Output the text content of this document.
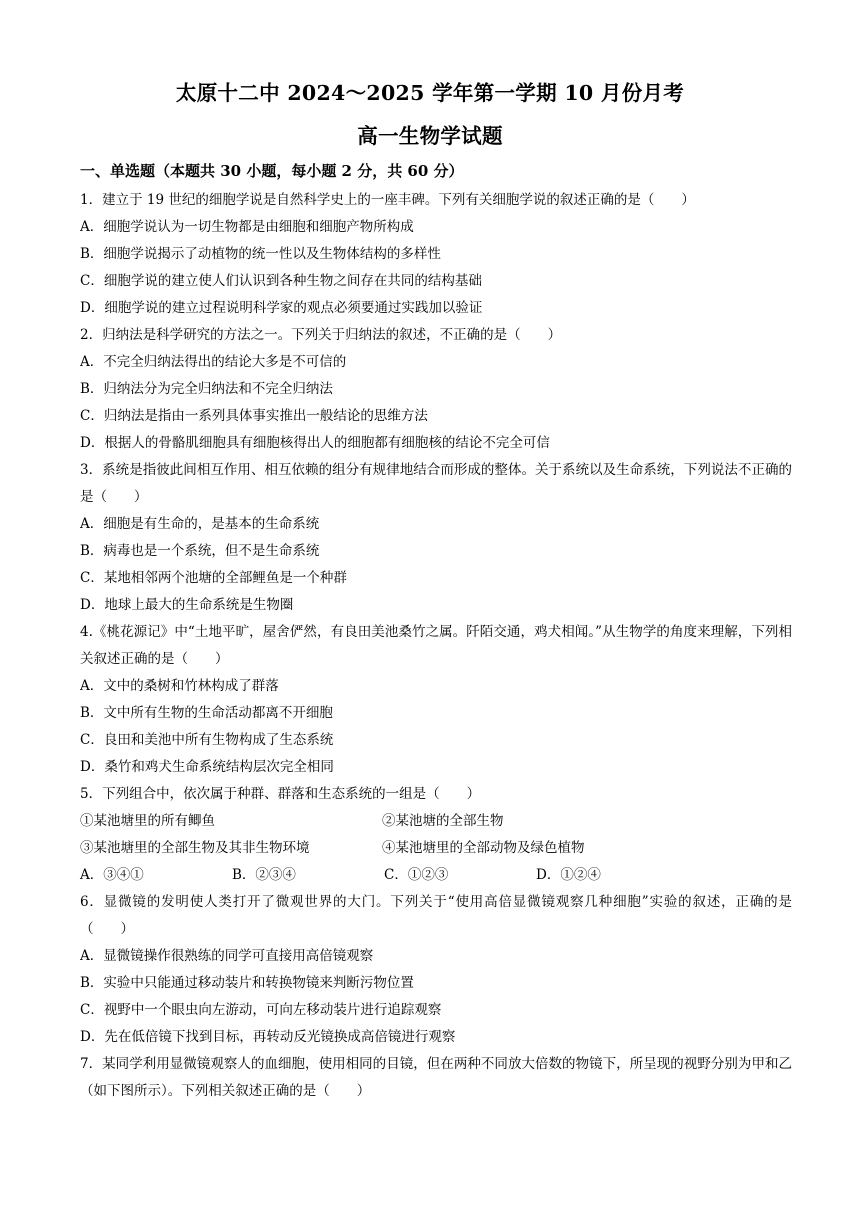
太原十二中 2024～2025 学年第一学期 10 月份月考
高一生物学试题
一、单选题（本题共 30 小题，每小题 2 分，共 60 分）
1．建立于 19 世纪的细胞学说是自然科学史上的一座丰碑。下列有关细胞学说的叙述正确的是（　　）
A．细胞学说认为一切生物都是由细胞和细胞产物所构成
B．细胞学说揭示了动植物的统一性以及生物体结构的多样性
C．细胞学说的建立使人们认识到各种生物之间存在共同的结构基础
D．细胞学说的建立过程说明科学家的观点必须要通过实践加以验证
2．归纳法是科学研究的方法之一。下列关于归纳法的叙述，不正确的是（　　）
A．不完全归纳法得出的结论大多是不可信的
B．归纳法分为完全归纳法和不完全归纳法
C．归纳法是指由一系列具体事实推出一般结论的思维方法
D．根据人的骨骼肌细胞具有细胞核得出人的细胞都有细胞核的结论不完全可信
3．系统是指彼此间相互作用、相互依赖的组分有规律地结合而形成的整体。关于系统以及生命系统，下列说法不正确的是（　　）
A．细胞是有生命的，是基本的生命系统
B．病毒也是一个系统，但不是生命系统
C．某地相邻两个池塘的全部鲤鱼是一个种群
D．地球上最大的生命系统是生物圈
4.《桃花源记》中“土地平旷，屋舍俨然，有良田美池桑竹之属。阡陌交通，鸡犬相闻。”从生物学的角度来理解，下列相关叙述正确的是（　　）
A．文中的桑树和竹林构成了群落
B．文中所有生物的生命活动都离不开细胞
C．良田和美池中所有生物构成了生态系统
D．桑竹和鸡犬生命系统结构层次完全相同
5．下列组合中，依次属于种群、群落和生态系统的一组是（　　）
①某池塘里的所有鲫鱼	②某池塘的全部生物
③某池塘里的全部生物及其非生物环境	④某池塘里的全部动物及绿色植物
A．③④①	B．②③④	C．①②③	D．①②④
6．显微镜的发明使人类打开了微观世界的大门。下列关于“使用高倍显微镜观察几种细胞”实验的叙述，正确的是（　　）
A．显微镜操作很熟练的同学可直接用高倍镜观察
B．实验中只能通过移动装片和转换物镜来判断污物位置
C．视野中一个眼虫向左游动，可向左移动装片进行追踪观察
D．先在低倍镜下找到目标，再转动反光镜换成高倍镜进行观察
7．某同学利用显微镜观察人的血细胞，使用相同的目镜，但在两种不同放大倍数的物镜下，所呈现的视野分别为甲和乙（如下图所示）。下列相关叙述正确的是（　　）
